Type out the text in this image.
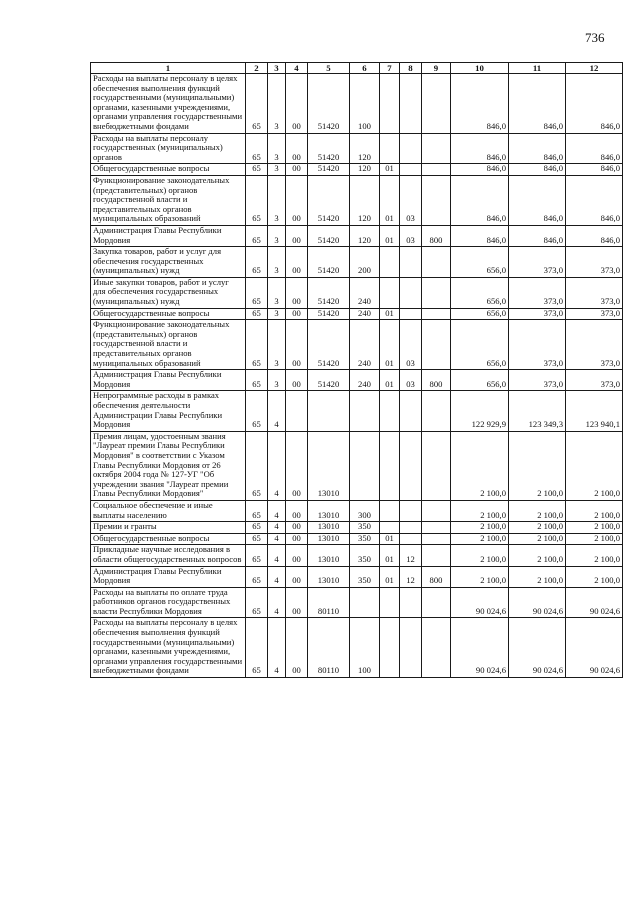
736
1	2	3	4	5	6	7	8	9	10	11	12
Расходы на выплаты персоналу в целях обеспечения выполнения функций государственными (муниципальными) органами, казенными учреждениями, органами управления государственными внебюджетными фондами	65	3	00	51420	100				846,0	846,0	846,0
Расходы на выплаты персоналу государственных (муниципальных) органов	65	3	00	51420	120				846,0	846,0	846,0
Общегосударственные вопросы	65	3	00	51420	120	01			846,0	846,0	846,0
Функционирование законодательных (представительных) органов государственной власти и представительных органов муниципальных образований	65	3	00	51420	120	01	03		846,0	846,0	846,0
Администрация Главы Республики Мордовия	65	3	00	51420	120	01	03	800	846,0	846,0	846,0
Закупка товаров, работ и услуг для обеспечения государственных (муниципальных) нужд	65	3	00	51420	200				656,0	373,0	373,0
Иные закупки товаров, работ и услуг для обеспечения государственных (муниципальных) нужд	65	3	00	51420	240				656,0	373,0	373,0
Общегосударственные вопросы	65	3	00	51420	240	01			656,0	373,0	373,0
Функционирование законодательных (представительных) органов государственной власти и представительных органов муниципальных образований	65	3	00	51420	240	01	03		656,0	373,0	373,0
Администрация Главы Республики Мордовия	65	3	00	51420	240	01	03	800	656,0	373,0	373,0
Непрограммные расходы в рамках обеспечения деятельности Администрации Главы Республики Мордовия	65	4							122 929,9	123 349,3	123 940,1
Премия лицам, удостоенным звания "Лауреат премии Главы Республики Мордовия" в соответствии с Указом Главы Республики Мордовия от 26 октября 2004 года № 127-УГ "Об учреждении звания "Лауреат премии Главы Республики Мордовия"	65	4	00	13010					2 100,0	2 100,0	2 100,0
Социальное обеспечение и иные выплаты населению	65	4	00	13010	300				2 100,0	2 100,0	2 100,0
Премии и гранты	65	4	00	13010	350				2 100,0	2 100,0	2 100,0
Общегосударственные вопросы	65	4	00	13010	350	01			2 100,0	2 100,0	2 100,0
Прикладные научные исследования в области общегосударственных вопросов	65	4	00	13010	350	01	12		2 100,0	2 100,0	2 100,0
Администрация Главы Республики Мордовия	65	4	00	13010	350	01	12	800	2 100,0	2 100,0	2 100,0
Расходы на выплаты по оплате труда работников органов государственных власти Республики Мордовия	65	4	00	80110					90 024,6	90 024,6	90 024,6
Расходы на выплаты персоналу в целях обеспечения выполнения функций государственными (муниципальными) органами, казенными учреждениями, органами управления государственными внебюджетными фондами	65	4	00	80110	100				90 024,6	90 024,6	90 024,6
